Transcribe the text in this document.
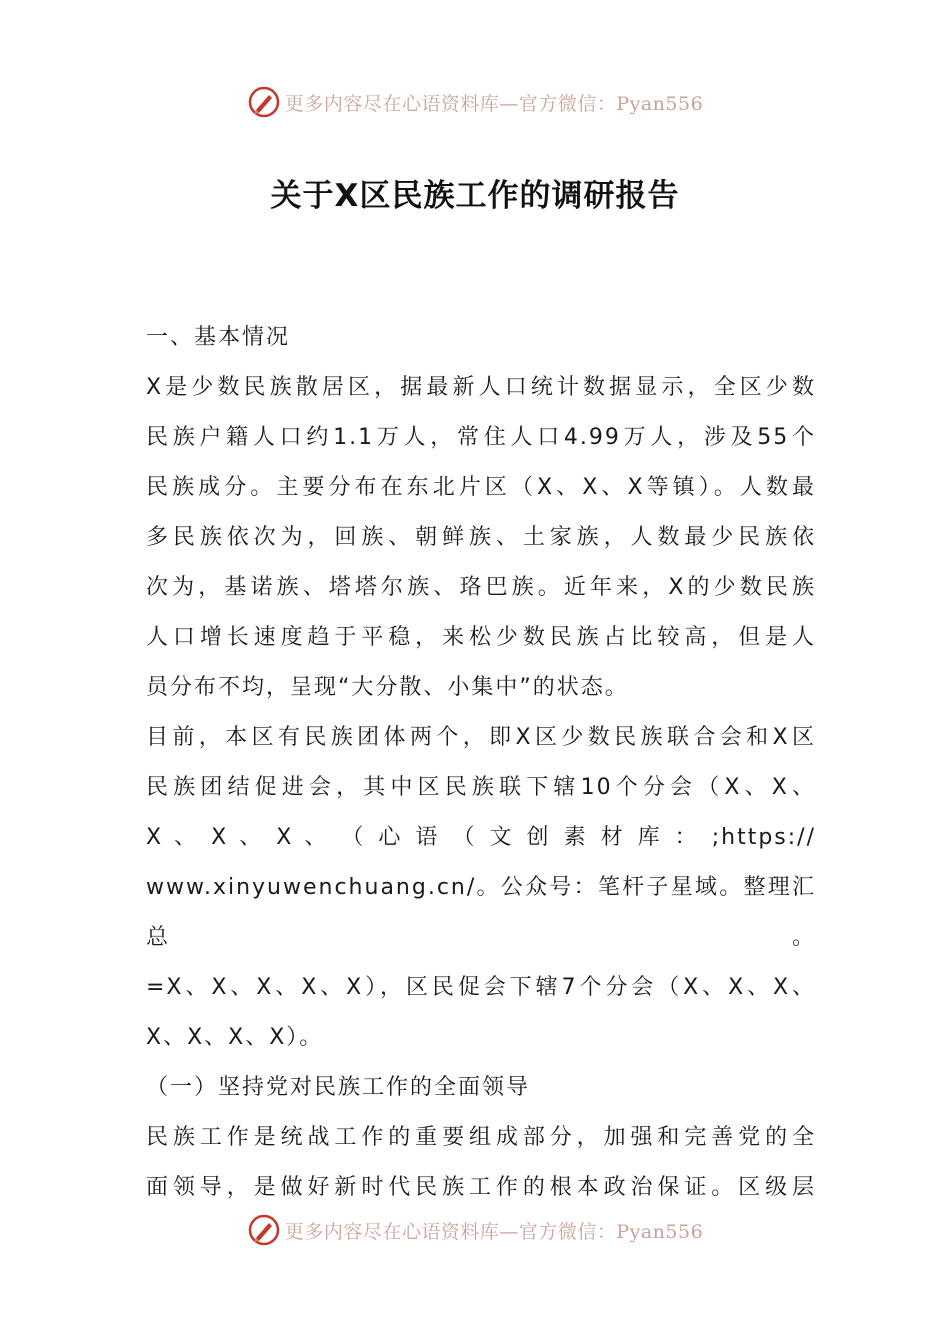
更多内容尽在心语资料库—官方微信：Pyan556
关于X区民族工作的调研报告

一、基本情况

X是少数民族散居区，据最新人口统计数据显示，全区少数

民族户籍人口约1.1万人，常住人口4.99万人，涉及55个

民族成分。主要分布在东北片区（X、X、X等镇）。人数最

多民族依次为，回族、朝鲜族、土家族，人数最少民族依

次为，基诺族、塔塔尔族、珞巴族。近年来，X的少数民族

人口增长速度趋于平稳，来松少数民族占比较高，但是人

员分布不均，呈现“大分散、小集中”的状态。

目前，本区有民族团体两个，即X区少数民族联合会和X区

民族团结促进会，其中区民族联下辖10个分会（X、X、

X 、 X 、 X 、 （ 心 语 （ 文 创 素 材 库 ： ;https://

www.xinyuwenchuang.cn/。公众号：笔杆子星域。整理汇总。

=X、X、X、X、X），区民促会下辖7个分会（X、X、X、

X、X、X、X）。

（一）坚持党对民族工作的全面领导

民族工作是统战工作的重要组成部分，加强和完善党的全

面领导，是做好新时代民族工作的根本政治保证。区级层

更多内容尽在心语资料库—官方微信：Pyan556
